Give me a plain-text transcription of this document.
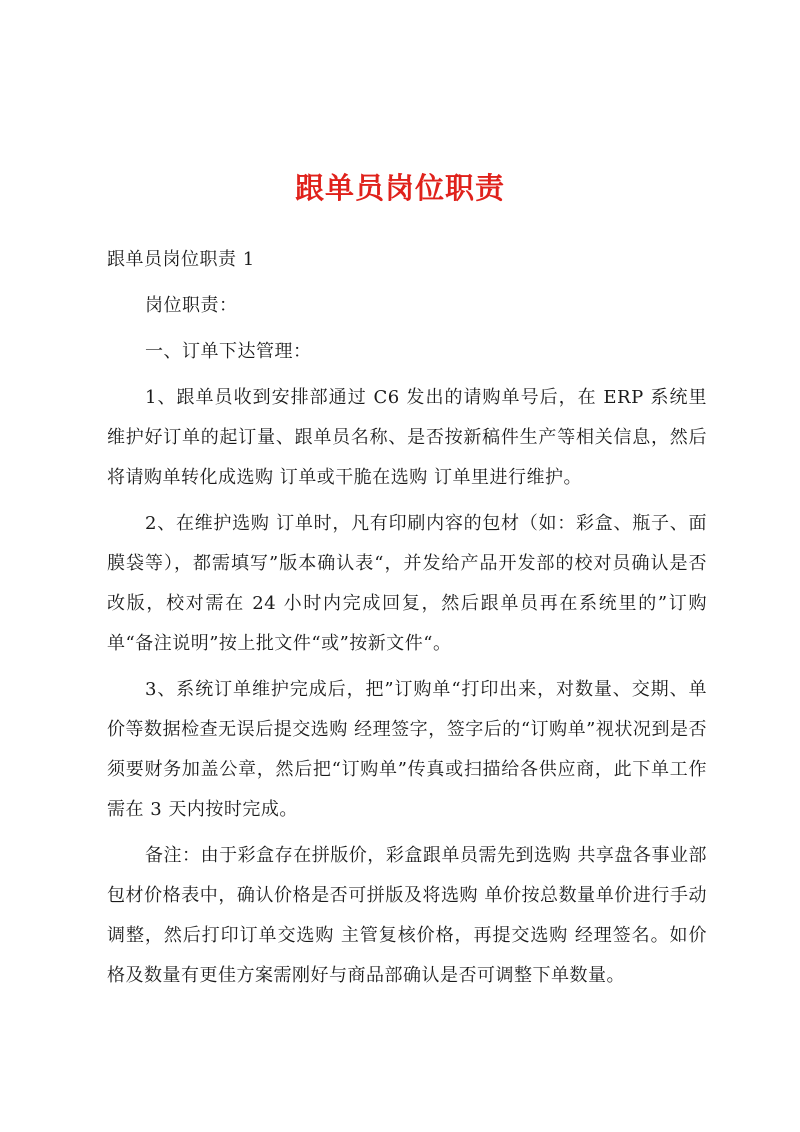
跟单员岗位职责

跟单员岗位职责 1

岗位职责：

一、订单下达管理：

1、跟单员收到安排部通过 C6 发出的请购单号后，在 ERP 系统里维护好订单的起订量、跟单员名称、是否按新稿件生产等相关信息，然后将请购单转化成选购 订单或干脆在选购 订单里进行维护。

2、在维护选购 订单时，凡有印刷内容的包材（如：彩盒、瓶子、面膜袋等），都需填写”版本确认表“，并发给产品开发部的校对员确认是否改版，校对需在 24 小时内完成回复，然后跟单员再在系统里的”订购单“备注说明”按上批文件“或”按新文件“。

3、系统订单维护完成后，把”订购单“打印出来，对数量、交期、单价等数据检查无误后提交选购 经理签字，签字后的“订购单”视状况到是否须要财务加盖公章，然后把“订购单”传真或扫描给各供应商，此下单工作需在 3 天内按时完成。

备注：由于彩盒存在拼版价，彩盒跟单员需先到选购 共享盘各事业部包材价格表中，确认价格是否可拼版及将选购 单价按总数量单价进行手动调整，然后打印订单交选购 主管复核价格，再提交选购 经理签名。如价格及数量有更佳方案需刚好与商品部确认是否可调整下单数量。
